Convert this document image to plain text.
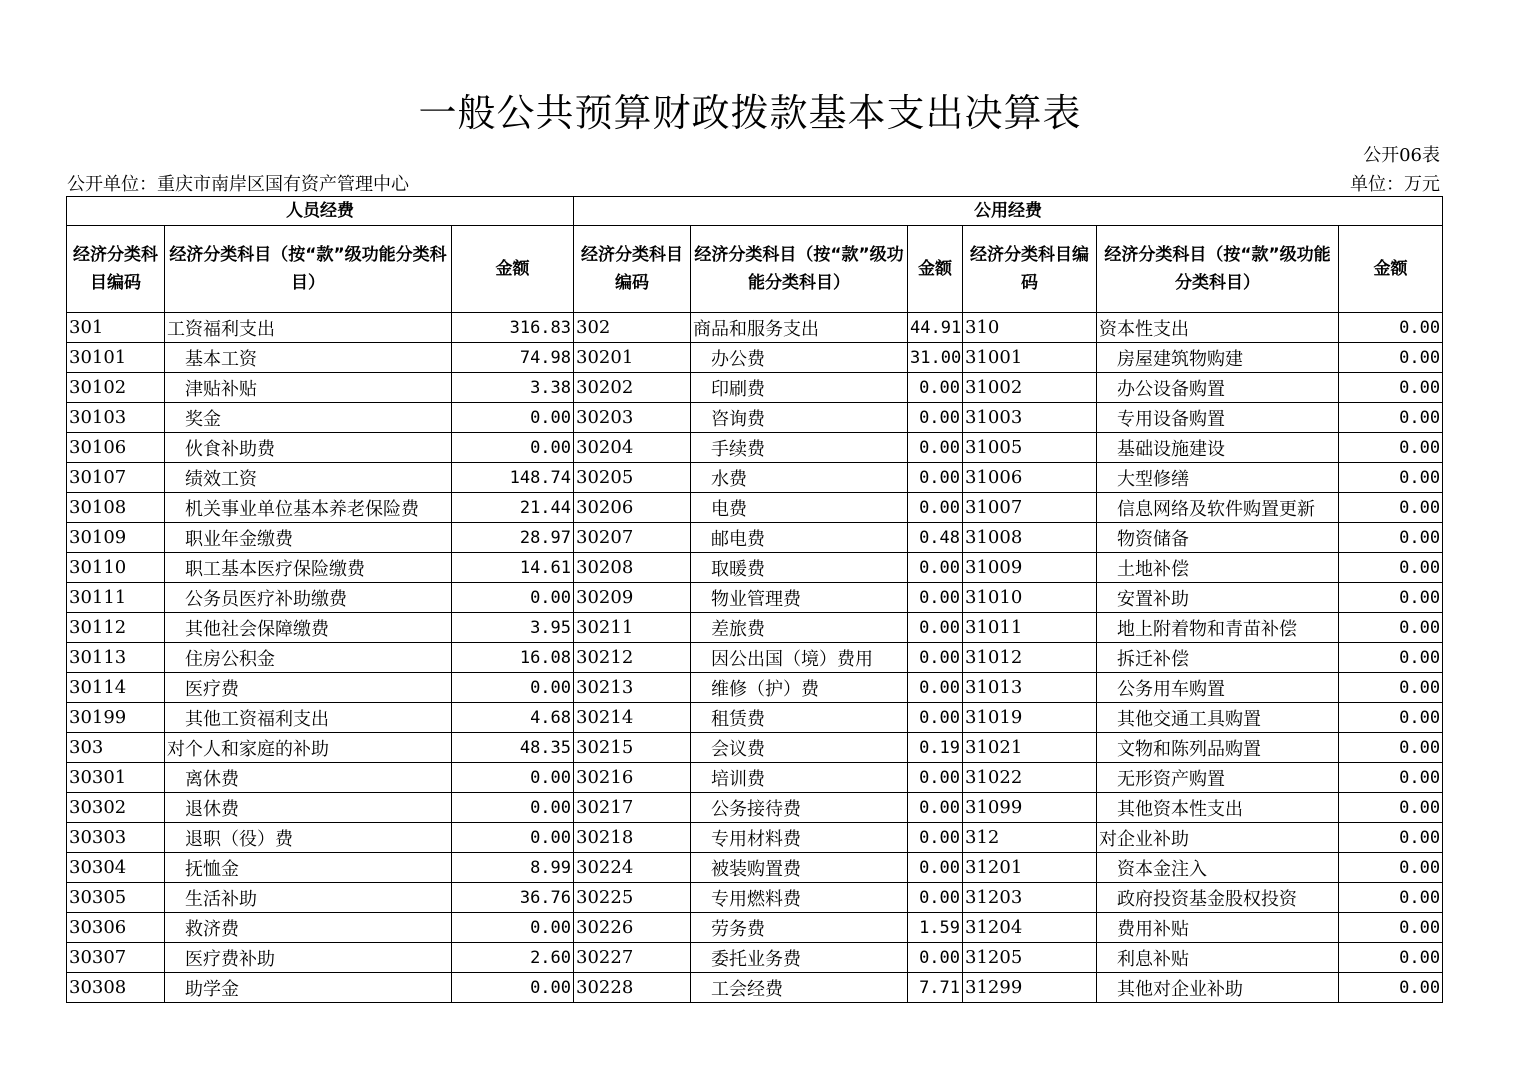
一般公共预算财政拨款基本支出决算表
公开06表
公开单位：重庆市南岸区国有资产管理中心	单位：万元
人员经费			公用经费					
经济分类科目编码	经济分类科目（按“款”级功能分类科目）	金额	经济分类科目编码	经济分类科目（按“款”级功能分类科目）	金额	经济分类科目编码	经济分类科目（按“款”级功能分类科目）	金额
301	工资福利支出	316.83	302	商品和服务支出	44.91	310	资本性支出	0.00
30101	基本工资	74.98	30201	办公费	31.00	31001	房屋建筑物购建	0.00
30102	津贴补贴	3.38	30202	印刷费	0.00	31002	办公设备购置	0.00
30103	奖金	0.00	30203	咨询费	0.00	31003	专用设备购置	0.00
30106	伙食补助费	0.00	30204	手续费	0.00	31005	基础设施建设	0.00
30107	绩效工资	148.74	30205	水费	0.00	31006	大型修缮	0.00
30108	机关事业单位基本养老保险费	21.44	30206	电费	0.00	31007	信息网络及软件购置更新	0.00
30109	职业年金缴费	28.97	30207	邮电费	0.48	31008	物资储备	0.00
30110	职工基本医疗保险缴费	14.61	30208	取暖费	0.00	31009	土地补偿	0.00
30111	公务员医疗补助缴费	0.00	30209	物业管理费	0.00	31010	安置补助	0.00
30112	其他社会保障缴费	3.95	30211	差旅费	0.00	31011	地上附着物和青苗补偿	0.00
30113	住房公积金	16.08	30212	因公出国（境）费用	0.00	31012	拆迁补偿	0.00
30114	医疗费	0.00	30213	维修（护）费	0.00	31013	公务用车购置	0.00
30199	其他工资福利支出	4.68	30214	租赁费	0.00	31019	其他交通工具购置	0.00
303	对个人和家庭的补助	48.35	30215	会议费	0.19	31021	文物和陈列品购置	0.00
30301	离休费	0.00	30216	培训费	0.00	31022	无形资产购置	0.00
30302	退休费	0.00	30217	公务接待费	0.00	31099	其他资本性支出	0.00
30303	退职（役）费	0.00	30218	专用材料费	0.00	312	对企业补助	0.00
30304	抚恤金	8.99	30224	被装购置费	0.00	31201	资本金注入	0.00
30305	生活补助	36.76	30225	专用燃料费	0.00	31203	政府投资基金股权投资	0.00
30306	救济费	0.00	30226	劳务费	1.59	31204	费用补贴	0.00
30307	医疗费补助	2.60	30227	委托业务费	0.00	31205	利息补贴	0.00
30308	助学金	0.00	30228	工会经费	7.71	31299	其他对企业补助	0.00
